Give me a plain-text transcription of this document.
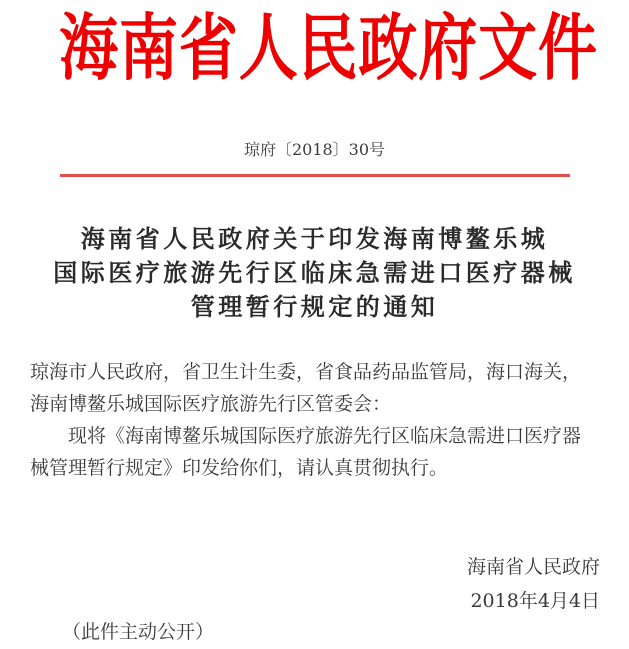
海南省人民政府文件
琼府〔2018〕30号
海南省人民政府关于印发海南博鳌乐城
国际医疗旅游先行区临床急需进口医疗器械
管理暂行规定的通知
琼海市人民政府，省卫生计生委，省食品药品监管局，海口海关，
海南博鳌乐城国际医疗旅游先行区管委会：
现将《海南博鳌乐城国际医疗旅游先行区临床急需进口医疗器
械管理暂行规定》印发给你们，请认真贯彻执行。
海南省人民政府
2018年4月4日
（此件主动公开）
